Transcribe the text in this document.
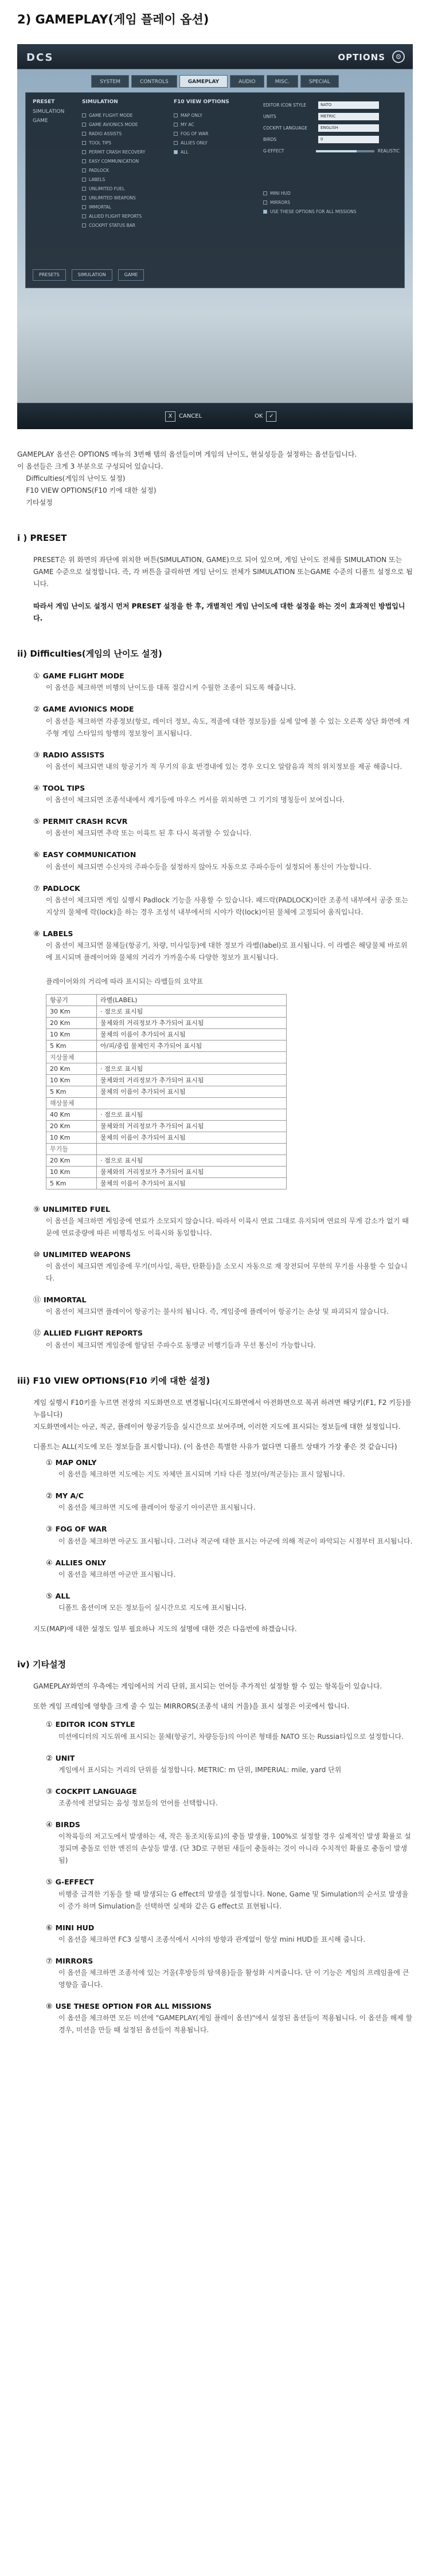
2) GAMEPLAY(게임 플레이 옵션)
DCS	OPTIONS	⚙
SYSTEM	CONTROLS	GAMEPLAY	AUDIO	MISC.	SPECIAL
PRESET
SIMULATION
GAME
SIMULATION
GAME FLIGHT MODE
GAME AVIONICS MODE
RADIO ASSISTS
TOOL TIPS
PERMIT CRASH RECOVERY
EASY COMMUNICATION
PADLOCK
LABELS
UNLIMITED FUEL
UNLIMITED WEAPONS
IMMORTAL
ALLIED FLIGHT REPORTS
COCKPIT STATUS BAR
F10 VIEW OPTIONS
MAP ONLY
MY AC
FOG OF WAR
ALLIES ONLY
ALL
EDITOR ICON STYLE	NATO
UNITS	METRIC
COCKPIT LANGUAGE	ENGLISH
BIRDS	0
G-EFFECT	REALISTIC
MINI HUD
MIRRORS
USE THESE OPTIONS FOR ALL MISSIONS
PRESETS	SIMULATION	GAME
X	CANCEL	OK	✓

GAMEPLAY 옵션은 OPTIONS 메뉴의 3번째 탭의 옵션들이며 게임의 난이도, 현실성등을 설정하는 옵션들입니다.

이 옵션들은 크게 3 부분으로 구성되어 있습니다.

Difficulties(게임의 난이도 설정)

F10 VIEW OPTIONS(F10 키에 대한 설정)

기타설정

i ) PRESET

PRESET은 위 화면의 좌단에 위치한 버튼(SIMULATION, GAME)으로 되어 있으며, 게임 난이도 전체를 SIMULATION 또는GAME 수준으로 설정합니다. 즉, 각 버튼을 클릭하면 게임 난이도 전체가 SIMULATION 또는GAME 수준의 디폴트 설정으로 됩니다.

따라서 게임 난이도 설정시 먼저 PRESET 설정을 한 후, 개별적인 게임 난이도에 대한 설정을 하는 것이 효과적인 방법입니다.

ii) Difficulties(게임의 난이도 설정)
① GAME FLIGHT MODE
이 옵션을 체크하면 비행의 난이도를 대폭 절감시켜 수월한 조종이 되도록 해줍니다.
② GAME AVIONICS MODE
이 옵션을 체크하면 각종정보(항로, 레이더 정보, 속도, 적졸에 대한 정보등)를 실제 앞에 볼 수 있는 오른쪽 상단 화면에 게주형 게임 스타일의 항행의 정보창이 표시됩니다.
③ RADIO ASSISTS
이 옵션이 체크되면 내의 항공기가 적 무기의 유효 반경내에 있는 경우 오디오 알람음과 적의 위치정보를 제공 해줍니다.
④ TOOL TIPS
이 옵션이 체크되면 조종석내에서 계기등에 마우스 커서를 위치하면 그 기기의 명칭등이 보여집니다.
⑤ PERMIT CRASH RCVR
이 옵션이 체크되면 추락 또는 이륙트 된 후 다시 복귀할 수 있습니다.
⑥ EASY COMMUNICATION
이 옵션이 체크되면 수신자의 주파수등을 설정하지 않아도 자동으로 주파수등이 설정되어 통신이 가능합니다.
⑦ PADLOCK
이 옵션이 체크되면 게임 실행시 Padlock 기능을 사용할 수 있습니다. 패드락(PADLOCK)이란 조종석 내부에서 공중 또는 지상의 물체에 락(lock)을 하는 경우 조성석 내부에서의 시야가 락(lock)이된 물체에 고정되어 움직입니다.
⑧ LABELS
이 옵션이 체크되면 물체들(항공기, 차량, 미사일등)에 대한 정보가 라벨(label)로 표시됩니다. 이 라벨은 해당물체 바로위에 표시되며 플레이어와 물체의 거리가 가까울수록 다양한 정보가 표시됩니다.
플레이어와의 거리에 따라 표시되는 라벨들의 요약표
항공기	라벨(LABEL)
30 Km	· 점으로 표시됨
20 Km	물체와의 거리정보가 추가되어 표시됨
10 Km	물체의 이름이 추가되어 표시됨
5 Km	아/피/중립 물체인지 추가되어 표시됨
지상물체	
20 Km	· 점으로 표시됨
10 Km	물체와의 거리정보가 추가되어 표시됨
5 Km	물체의 이름이 추가되어 표시됨
해상물체	
40 Km	· 점으로 표시됨
20 Km	물체와의 거리정보가 추가되어 표시됨
10 Km	물체의 이름이 추가되어 표시됨
무기들	
20 Km	· 점으로 표시됨
10 Km	물체와의 거리정보가 추가되어 표시됨
5 Km	물체의 이름이 추가되어 표시됨
⑨ UNLIMITED FUEL
이 옵션을 체크하면 게임중에 연료가 소모되지 않습니다. 따라서 이륙시 연료 그대로 유지되며 연료의 무게 감소가 없기 때문에 연료중량에 따른 비행특성도 이륙시와 동일합니다.
⑩ UNLIMITED WEAPONS
이 옵션이 체크되면 게임중에 무기(미사일, 폭탄, 탄환등)을 소모시 자동으로 재 장전되어 무한의 무기를 사용할 수 있습니다.
⑪ IMMORTAL
이 옵션이 체크되면 플레이어 항공기는 불사의 됩니다. 즉, 게임중에 플레이어 항공기는 손상 및 파괴되지 않습니다.
⑫ ALLIED FLIGHT REPORTS
이 옵션이 체크되면 게임중에 할당된 주파수로 동맹군 비행기들과 무선 통신이 가능합니다.
iii) F10 VIEW OPTIONS(F10 키에 대한 설정)

게임 실행시 F10키를 누르면 전장의 지도화면으로 변경됩니다(지도화면에서 아전화면으로 복귀 하려면 해당키(F1, F2 키등)를 누릅니다)

지도화면에서는 아군, 적군, 플레이어 항공기등을 실시간으로 보여주며, 이러한 지도에 표시되는 정보들에 대한 설정입니다.

디폴트는 ALL(지도에 모든 정보들을 표시합니다). (이 옵션은 특별한 사유가 없다면 디폴트 상태가 가장 좋은 것 같습니다)

① MAP ONLY
이 옵션을 체크하면 지도에는 지도 자체만 표시되며 기타 다른 정보(아/적군등)는 표시 않됩니다.
② MY A/C
이 옵션을 체크하면 지도에 플레이어 항공기 아이콘만 표시됩니다.
③ FOG OF WAR
이 옵션을 체크하면 아군도 표시됩니다. 그러나 적군에 대한 표시는 아군에 의해 적군이 파악되는 시점부터 표시됩니다.
④ ALLIES ONLY
이 옵션을 체크하면 아군만 표시됩니다.
⑤ ALL
디폴트 옵션이며 모든 정보들이 실시간으로 지도에 표시됩니다.

지도(MAP)에 대한 설정도 일부 필요하나 지도의 설명에 대한 것은 다음번에 하겠습니다.

iv) 기타설정

GAMEPLAY화면의 우측에는 게임에서의 거리 단위, 표시되는 언어등 추가적인 설정할 할 수 있는 항목들이 있습니다.

또한 게임 프레임에 영향을 크게 줄 수 있는 MIRRORS(조종석 내의 거울)을 표시 설정은 이곳에서 합니다.

① EDITOR ICON STYLE
미션에디터의 지도위에 표시되는 물체(항공기, 차량등등)의 아이콘 형태를 NATO 또는 Russia타입으로 설정합니다.
② UNIT
게임에서 표시되는 거리의 단위를 설정합니다. METRIC: m 단위, IMPERIAL: mile, yard 단위
③ COCKPIT LANGUAGE
조종석에 전달되는 음성 정보들의 언어를 선택합니다.
④ BIRDS
이착륙등의 저고도에서 발생하는 새, 작은 동조치(동료)의 충돌 발생률, 100%로 설정할 경우 실제적인 발생 확률로 설정되며 충돌로 인한 엔진의 손상등 발생. (단 3D로 구현된 새들이 충돌하는 것이 아니라 수치적인 확률로 충돌이 발생됨)
⑤ G-EFFECT
비행중 급격한 기동을 할 때 발생되는 G effect의 발생을 설정합니다. None, Game 및 Simulation의 순서로 발생율이 증가 하며 Simulation을 선택하면 실제와 같은 G effect로 표현됩니다.
⑥ MINI HUD
이 옵션을 체크하면 FC3 실행시 조종석에서 시야의 방향과 관계없이 항상 mini HUD를 표시해 줍니다.
⑦ MIRRORS
이 옵션을 체크하면 조종석에 있는 거울(후방등의 탐색용)들을 활성화 시켜줍니다. 단 이 기능은 게임의 프레임율에 큰 영향을 줍니다.
⑧ USE THESE OPTION FOR ALL MISSIONS
이 옵션을 체크하면 모든 미션에 "GAMEPLAY(게임 플레이 옵션)"에서 설정된 옵션들이 적용됩니다. 이 옵션을 해제 할 경우, 미션을 만들 때 설정된 옵션들이 적용됩니다.
